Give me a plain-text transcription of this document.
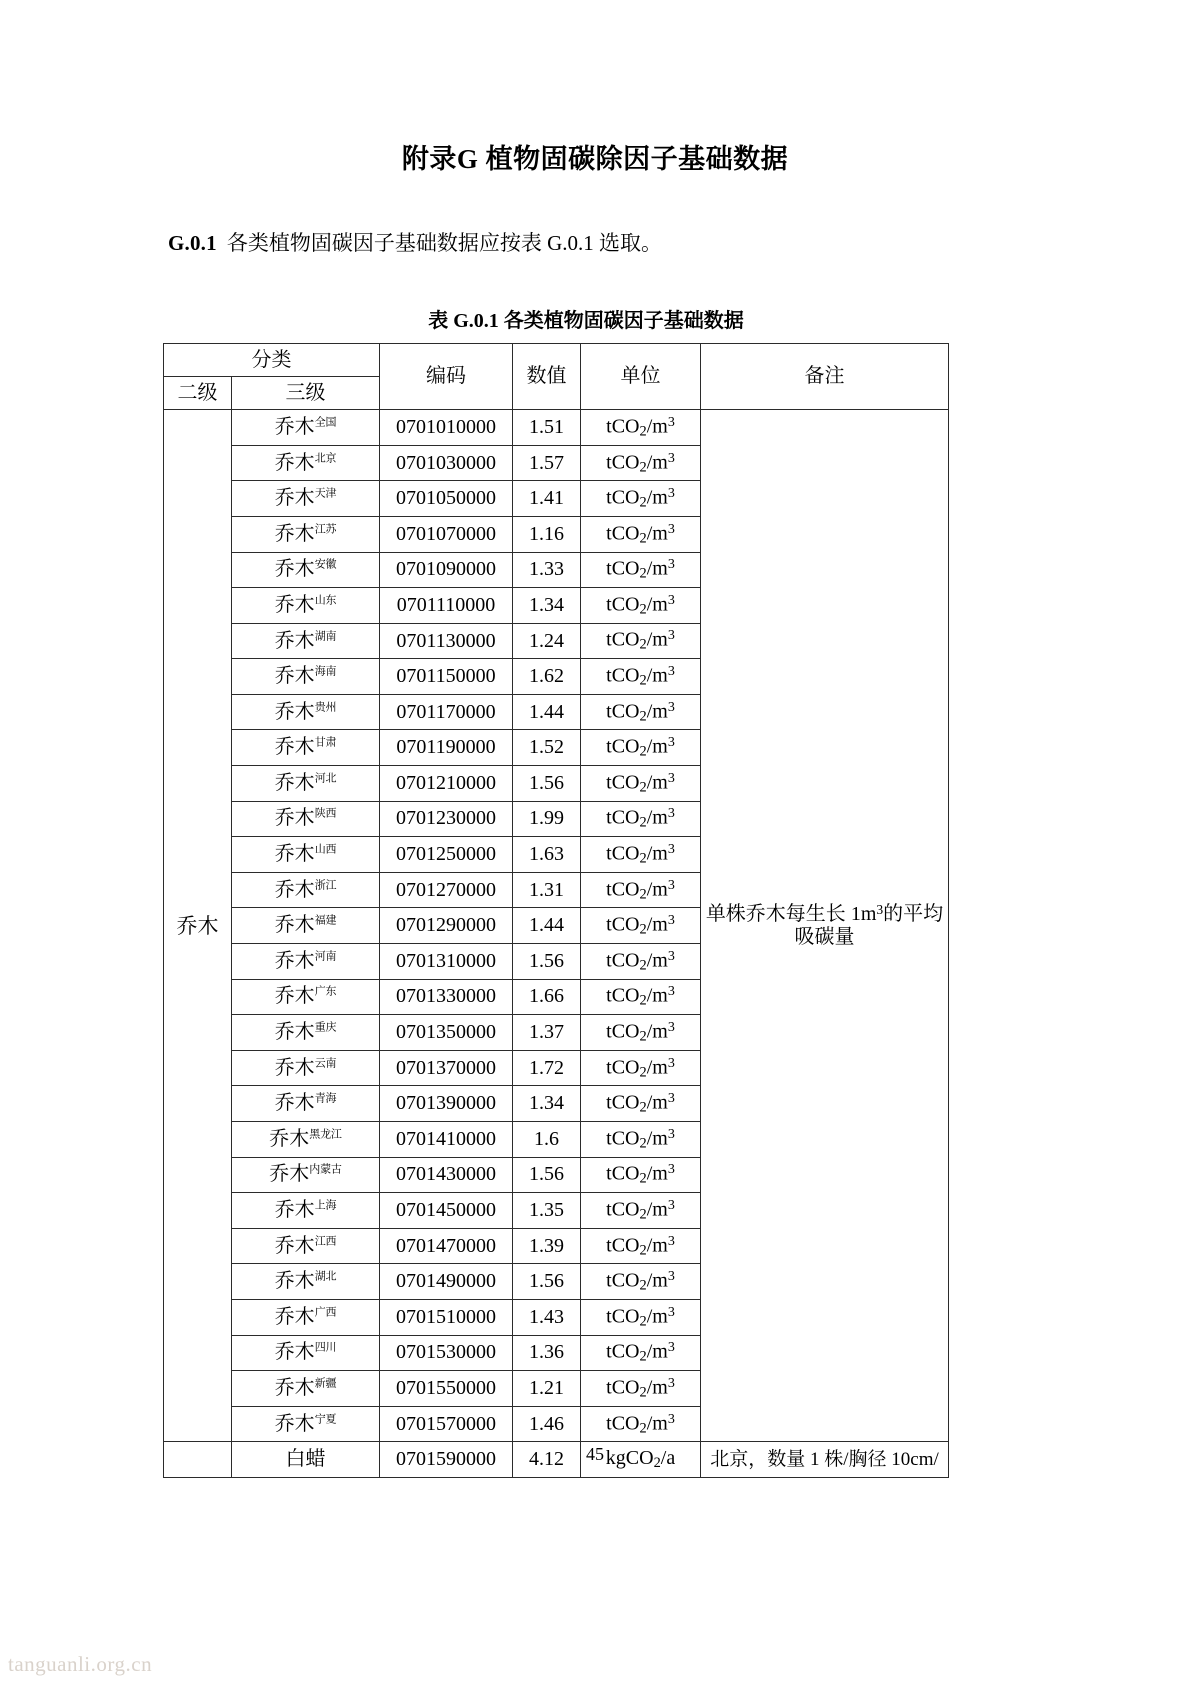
附录G 植物固碳除因子基础数据

G.0.1 各类植物固碳因子基础数据应按表 G.0.1 选取。

表 G.0.1 各类植物固碳因子基础数据
分类		编码	数值	单位	备注
二级	三级				
乔木	乔木$^{全国}$	0701010000	1.51	$tCO_2/m^3$	单株乔木每生长 $1m^3$的平均
吸碳量

	乔木$^{北京}$	0701030000	1.57	$tCO_2/m^3$
	乔木$^{天津}$	0701050000	1.41	$tCO_2/m^3$
	乔木$^{江苏}$	0701070000	1.16	$tCO_2/m^3$
	乔木$^{安徽}$	0701090000	1.33	$tCO_2/m^3$
	乔木$^{山东}$	0701110000	1.34	$tCO_2/m^3$
	乔木$^{湖南}$	0701130000	1.24	$tCO_2/m^3$
	乔木$^{海南}$	0701150000	1.62	$tCO_2/m^3$
	乔木$^{贵州}$	0701170000	1.44	$tCO_2/m^3$
	乔木$^{甘肃}$	0701190000	1.52	$tCO_2/m^3$
	乔木$^{河北}$	0701210000	1.56	$tCO_2/m^3$
	乔木$^{陕西}$	0701230000	1.99	$tCO_2/m^3$
	乔木$^{山西}$	0701250000	1.63	$tCO_2/m^3$
	乔木$^{浙江}$	0701270000	1.31	$tCO_2/m^3$
	乔木$^{福建}$	0701290000	1.44	$tCO_2/m^3$
	乔木$^{河南}$	0701310000	1.56	$tCO_2/m^3$
	乔木$^{广东}$	0701330000	1.66	$tCO_2/m^3$
	乔木$^{重庆}$	0701350000	1.37	$tCO_2/m^3$
	乔木$^{云南}$	0701370000	1.72	$tCO_2/m^3$
	乔木$^{青海}$	0701390000	1.34	$tCO_2/m^3$
	乔木$^{黑龙江}$	0701410000	1.6	$tCO_2/m^3$
	乔木$^{内蒙古}$	0701430000	1.56	$tCO_2/m^3$
	乔木$^{上海}$	0701450000	1.35	$tCO_2/m^3$
	乔木$^{江西}$	0701470000	1.39	$tCO_2/m^3$
	乔木$^{湖北}$	0701490000	1.56	$tCO_2/m^3$
	乔木$^{广西}$	0701510000	1.43	$tCO_2/m^3$
	乔木$^{四川}$	0701530000	1.36	$tCO_2/m^3$
	乔木$^{新疆}$	0701550000	1.21	$tCO_2/m^3$
	乔木$^{宁夏}$	0701570000	1.46	$tCO_2/m^3$
	白蜡	0701590000	4.12	kgCO$_2$/a	北京，数量 1 株/胸径 10cm/
45
tanguanli.org.cn
